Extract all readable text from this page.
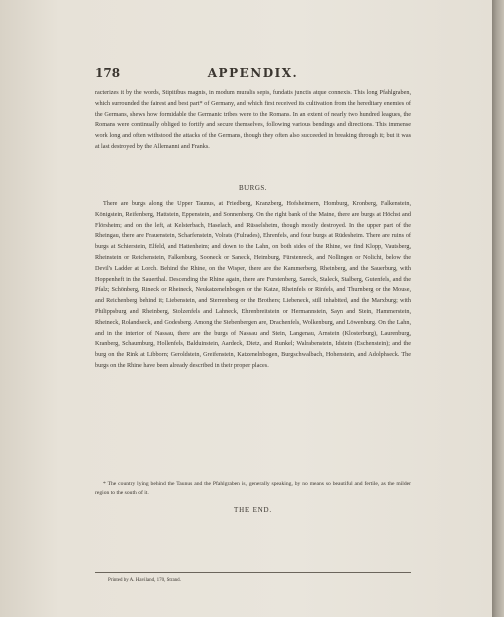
178	APPENDIX.

racterizes it by the words, Stipitibus magnis, in modum muralis sepis, fundatis junctis atque connexis. This long Pfahlgraben, which surrounded the fairest and best part* of Germany, and which first received its cultivation from the hereditary enemies of the Germans, shews how formidable the Germanic tribes were to the Romans. In an extent of nearly two hundred leagues, the Romans were continually obliged to fortify and secure themselves, following various bendings and directions. This immense work long and often withstood the attacks of the Germans, though they often also succeeded in breaking through it; but it was at last destroyed by the Allemanni and Franks.

BURGS.

There are burgs along the Upper Taunus, at Friedberg, Kranzberg, Hofsheimern, Homburg, Kronberg, Falkenstein, Königstein, Reifenberg, Hattstein, Eppenstein, and Sonnenberg. On the right bank of the Maine, there are burgs at Höchst and Flörsheim; and on the left, at Kelsterbach, Haselach, and Rüsselsheim, though mostly destroyed. In the upper part of the Rheingau, there are Frauenstein, Scharfenstein, Volrats (Fulrades), Ehrenfels, and four burgs at Rüdesheim. There are ruins of burgs at Schierstein, Elfeld, and Hattenheim; and down to the Lahn, on both sides of the Rhine, we find Klopp, Vautsberg, Rheinstein or Reichenstein, Falkenburg, Sooneck or Saneck, Heimburg, Fürstenreck, and Nollingen or Nolicht, below the Devil's Ladder at Lorch. Behind the Rhine, on the Wisper, there are the Kammerberg, Rheinberg, and the Sauerburg, with Hoppenheft in the Sauerthal. Descending the Rhine again, there are Furstenberg, Sareck, Stalеck, Stalberg, Gutenfels, and the Pfalz; Schönberg, Rineck or Rheineck, Neukatzenelnbogen or the Katze, Rheinfels or Rinfels, and Thurnberg or the Mouse, and Reichenberg behind it; Liebenstein, and Sterrenberg or the Brothers; Liebeneck, still inhabited, and the Marxburg; with Philippsburg and Rheinberg, Stolzenfels and Lahneck, Ehrenbreitstein or Hermannstein, Sayn and Stein, Hammerstein, Rheineck, Rolandseck, and Godesberg. Among the Siebenbergen are, Drachenfels, Wolkenburg, and Löwenburg. On the Lahn, and in the interior of Nassau, there are the burgs of Nassau and Stein, Langenau, Arnstein (Klosterburg), Laurenburg, Kranberg, Schaumburg, Hollenfels, Balduinstein, Aardeck, Dietz, and Runkel; Walrabenstein, Idstein (Eschenstein); and the burg on the Rink at Libborn; Geroldstein, Greifenstein, Katzenelnbogen, Burgschwalbach, Hohenstein, and Adolphseck. The burgs on the Rhine have been already described in their proper places.

* The country lying behind the Taunus and the Pfahlgraben is, generally speaking, by no means so beautiful and fertile, as the milder region to the south of it.

THE END.

Printed by A. Haviland, 170, Strand.
